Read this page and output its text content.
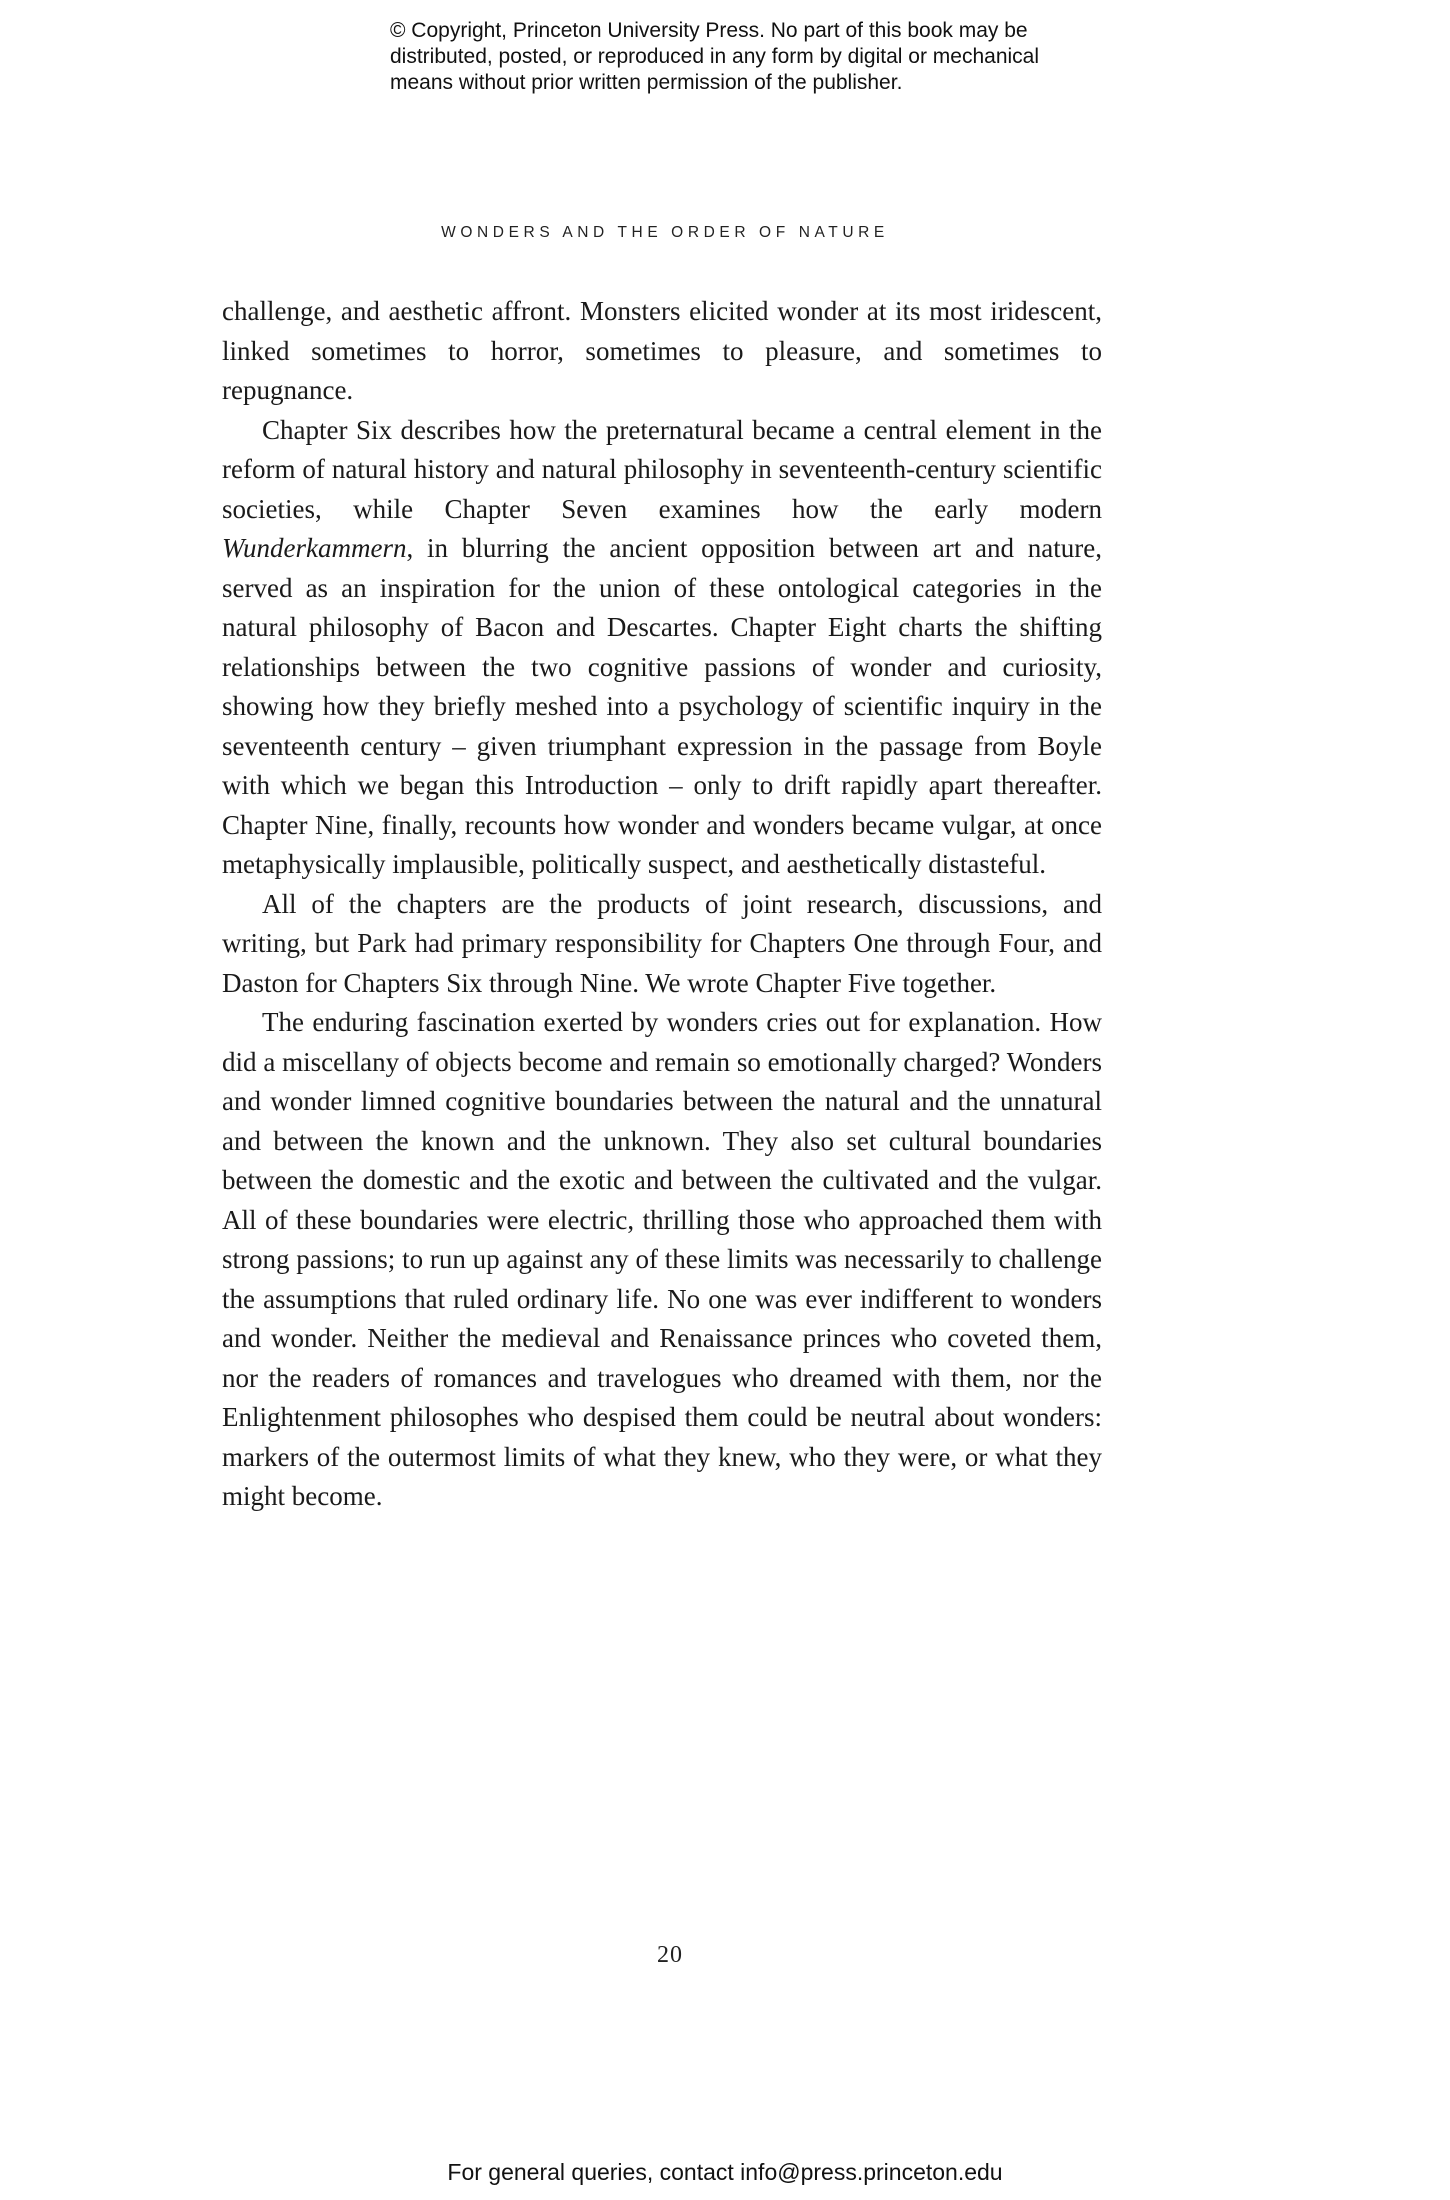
© Copyright, Princeton University Press. No part of this book may be
distributed, posted, or reproduced in any form by digital or mechanical
means without prior written permission of the publisher.
WONDERS AND THE ORDER OF NATURE

challenge, and aesthetic affront. Monsters elicited wonder at its most iridescent, linked sometimes to horror, sometimes to pleasure, and sometimes to repugnance.

Chapter Six describes how the preternatural became a central element in the reform of natural history and natural philosophy in seventeenth-century scientific societies, while Chapter Seven examines how the early modern Wunderkammern, in blurring the ancient opposition between art and nature, served as an inspiration for the union of these ontological categories in the natural philosophy of Bacon and Descartes. Chapter Eight charts the shifting relationships between the two cognitive passions of wonder and curiosity, showing how they briefly meshed into a psychology of scientific inquiry in the seventeenth century – given triumphant expression in the passage from Boyle with which we began this Introduction – only to drift rapidly apart thereafter. Chapter Nine, finally, recounts how wonder and wonders became vulgar, at once metaphysically implausible, politically suspect, and aesthetically distasteful.

All of the chapters are the products of joint research, discussions, and writing, but Park had primary responsibility for Chapters One through Four, and Daston for Chapters Six through Nine. We wrote Chapter Five together.

The enduring fascination exerted by wonders cries out for explanation. How did a miscellany of objects become and remain so emotionally charged? Wonders and wonder limned cognitive boundaries between the natural and the unnatural and between the known and the unknown. They also set cultural boundaries between the domestic and the exotic and between the cultivated and the vulgar. All of these boundaries were electric, thrilling those who approached them with strong passions; to run up against any of these limits was necessarily to challenge the assumptions that ruled ordinary life. No one was ever indifferent to wonders and wonder. Neither the medieval and Renaissance princes who coveted them, nor the readers of romances and travelogues who dreamed with them, nor the Enlightenment philosophes who despised them could be neutral about wonders: markers of the outermost limits of what they knew, who they were, or what they might become.

20
For general queries, contact info@press.princeton.edu
